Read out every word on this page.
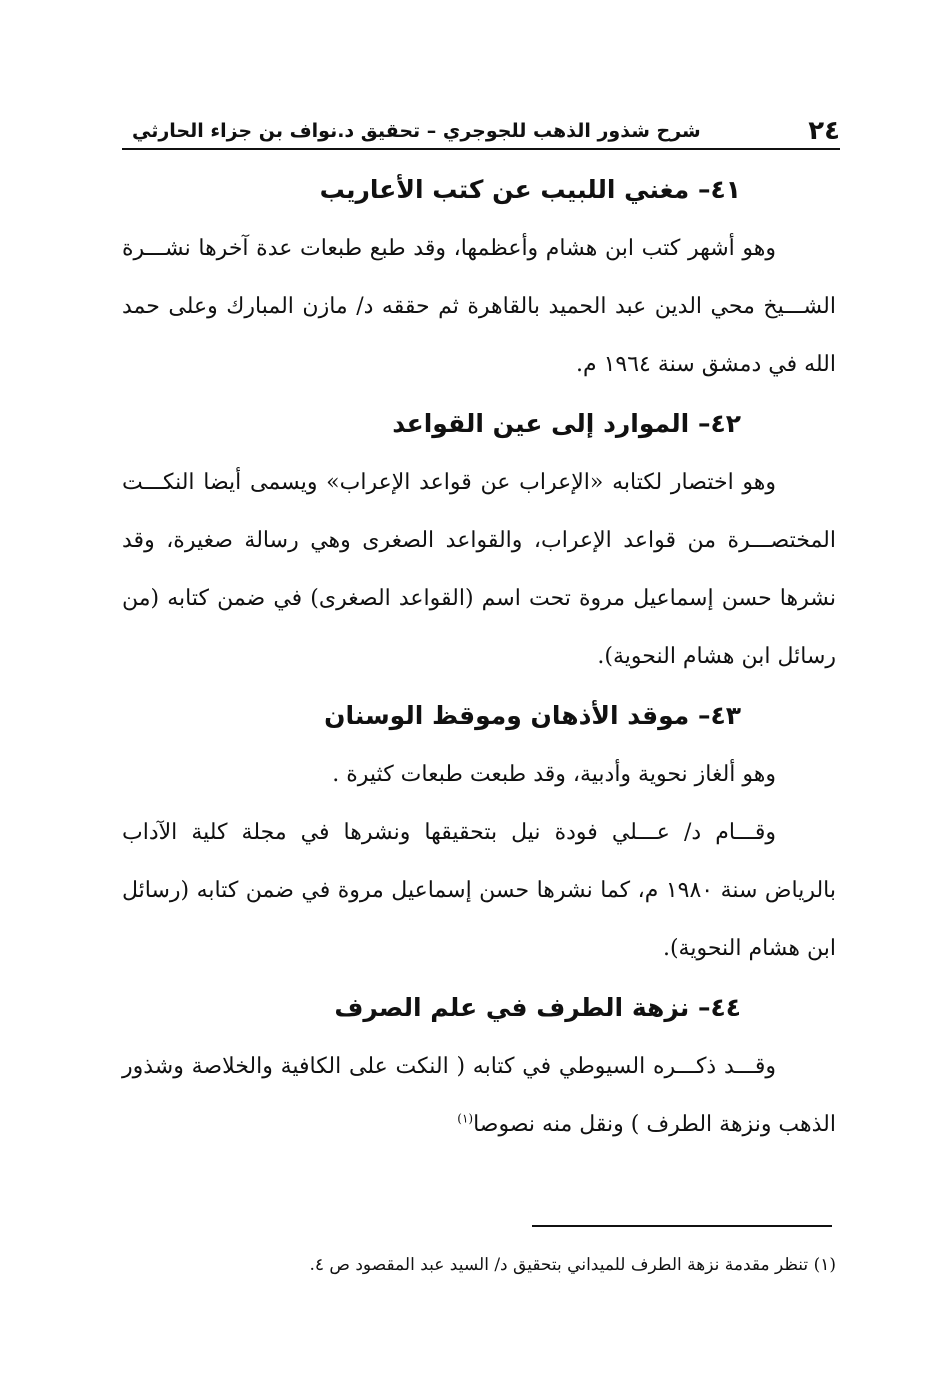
٢٤
شرح شذور الذهب للجوجري – تحقيق د.نواف بن جزاء الحارثي
٤١– مغني اللبيب عن كتب الأعاريب

وهو أشهر كتب ابن هشام وأعظمها، وقد طبع طبعات عدة آخرها نشـــرة الشـــيخ محي الدين عبد الحميد بالقاهرة ثم حققه د/ مازن المبارك وعلى حمد الله في دمشق سنة ١٩٦٤ م.

٤٢– الموارد إلى عين القواعد

وهو اختصار لكتابه «الإعراب عن قواعد الإعراب» ويسمى أيضا النكـــت المختصـــرة من قواعد الإعراب، والقواعد الصغرى وهي رسالة صغيرة، وقد نشرها حسن إسماعيل مروة تحت اسم (القواعد الصغرى) في ضمن كتابه (من رسائل ابن هشام النحوية).

٤٣– موقد الأذهان وموقظ الوسنان

وهو ألغاز نحوية وأدبية، وقد طبعت طبعات كثيرة .

وقـــام د/ عـــلي فودة نيل بتحقيقها ونشرها في مجلة كلية الآداب بالرياض سنة ١٩٨٠ م، كما نشرها حسن إسماعيل مروة في ضمن كتابه (رسائل ابن هشام النحوية).

٤٤– نزهة الطرف في علم الصرف

وقـــد ذكـــره السيوطي في كتابه ( النكت على الكافية والخلاصة وشذور الذهب ونزهة الطرف ) ونقل منه نصوصا$^{(١)}$

(١) تنظر مقدمة نزهة الطرف للميداني بتحقيق د/ السيد عبد المقصود ص ٤.
